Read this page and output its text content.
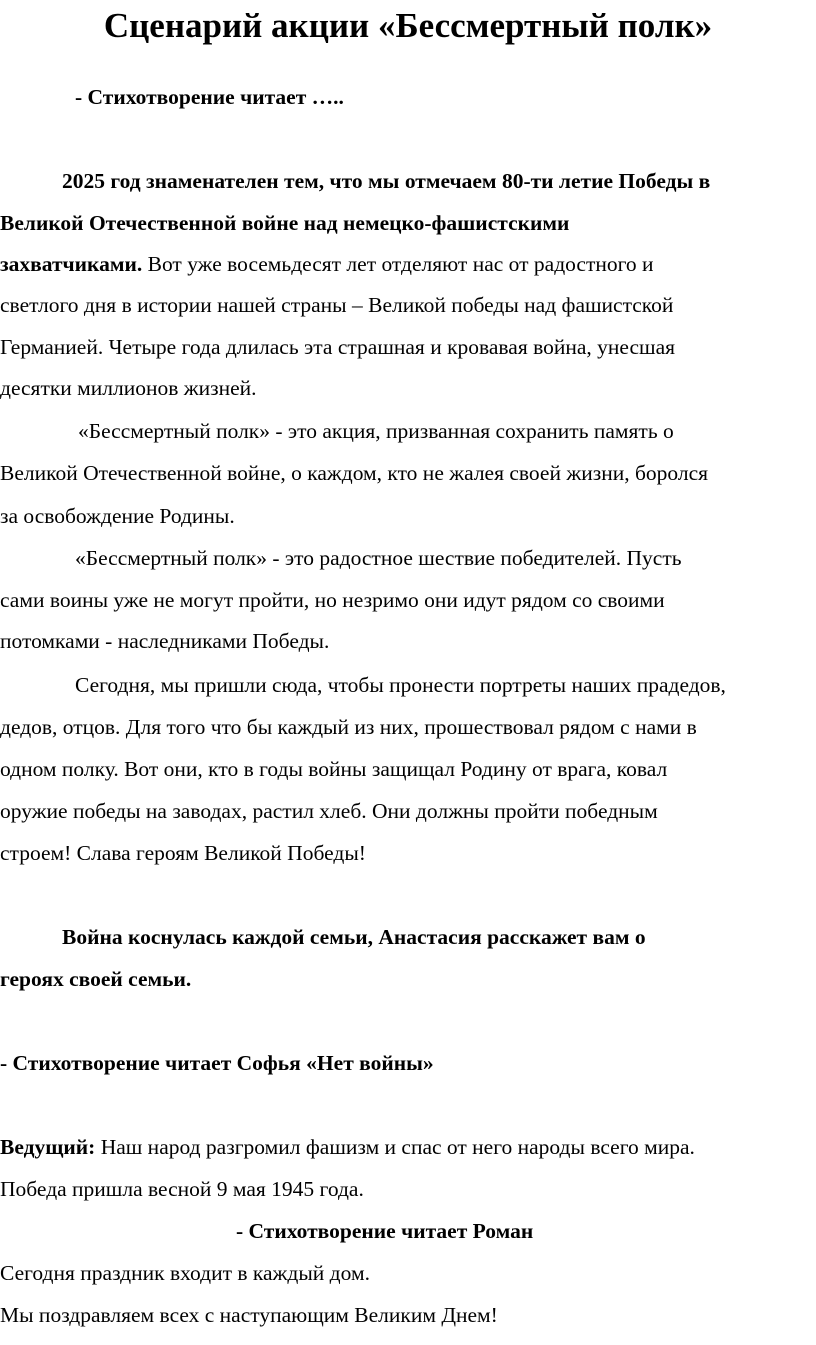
Сценарий акции «Бессмертный полк»

- Стихотворение читает …..

2025 год знаменателен тем, что мы отмечаем 80-ти летие Победы в

Великой Отечественной войне над немецко-фашистскими

захватчиками. Вот уже восемьдесят лет отделяют нас от радостного и

светлого дня в истории нашей страны – Великой победы над фашистской

Германией. Четыре года длилась эта страшная и кровавая война, унесшая

десятки миллионов жизней.

«Бессмертный полк» - это акция, призванная сохранить память о

Великой Отечественной войне, о каждом, кто не жалея своей жизни, боролся

за освобождение Родины.

«Бессмертный полк» - это радостное шествие победителей. Пусть

сами воины уже не могут пройти, но незримо они идут рядом со своими

потомками - наследниками Победы.

Сегодня, мы пришли сюда, чтобы пронести портреты наших прадедов,

дедов, отцов. Для того что бы каждый из них, прошествовал рядом с нами в

одном полку. Вот они, кто в годы войны защищал Родину от врага, ковал

оружие победы на заводах, растил хлеб. Они должны пройти победным

строем! Слава героям Великой Победы!

Война коснулась каждой семьи, Анастасия расскажет вам о

героях своей семьи.

- Стихотворение читает Софья «Нет войны»

Ведущий: Наш народ разгромил фашизм и спас от него народы всего мира.

Победа пришла весной 9 мая 1945 года.

- Стихотворение читает Роман

Сегодня праздник входит в каждый дом.

Мы поздравляем всех с наступающим Великим Днем!
